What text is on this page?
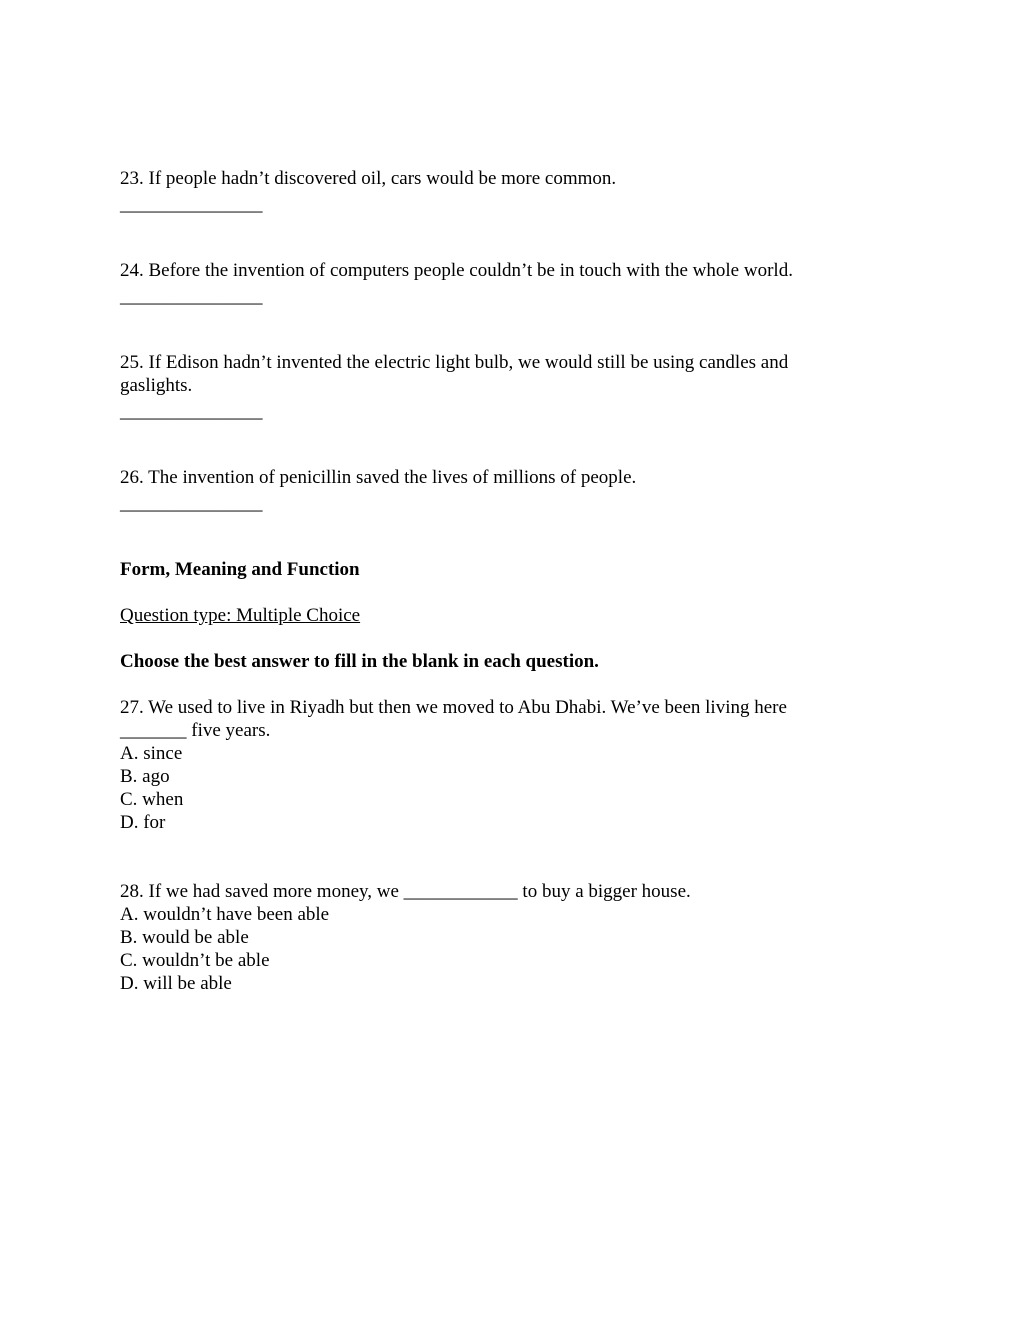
23. If people hadn’t discovered oil, cars would be more common.
_______________
24. Before the invention of computers people couldn’t be in touch with the whole world.
_______________
25. If Edison hadn’t invented the electric light bulb, we would still be using candles and
gaslights.
_______________
26. The invention of penicillin saved the lives of millions of people.
_______________
Form, Meaning and Function
Question type: Multiple Choice
Choose the best answer to fill in the blank in each question.
27. We used to live in Riyadh but then we moved to Abu Dhabi. We’ve been living here
_______ five years.
A. since
B. ago
C. when
D. for
28. If we had saved more money, we ____________ to buy a bigger house.
A. wouldn’t have been able
B. would be able
C. wouldn’t be able
D. will be able
